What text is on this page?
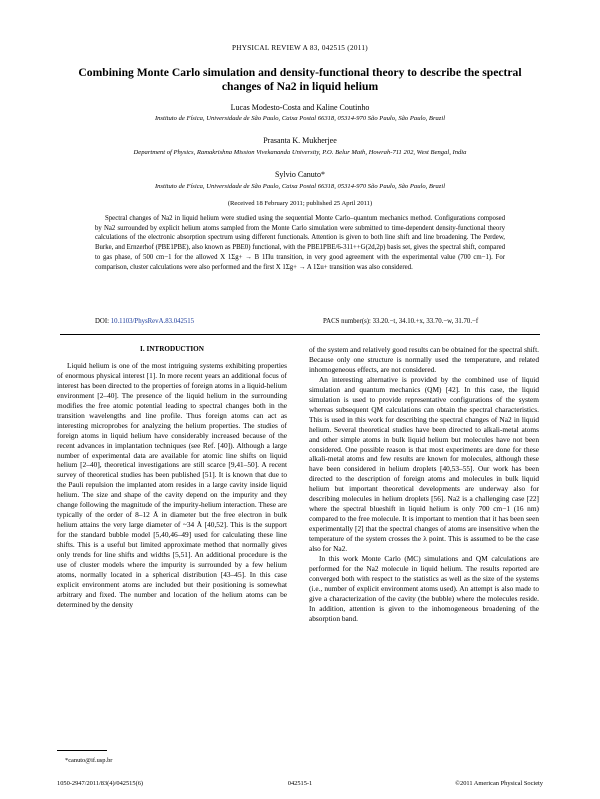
PHYSICAL REVIEW A 83, 042515 (2011)
Combining Monte Carlo simulation and density-functional theory to describe the spectral changes of Na2 in liquid helium
Lucas Modesto-Costa and Kaline Coutinho
Instituto de Física, Universidade de São Paulo, Caixa Postal 66318, 05314-970 São Paulo, São Paulo, Brazil
Prasanta K. Mukherjee
Department of Physics, Ramakrishna Mission Vivekananda University, P.O. Belur Math, Howrah-711 202, West Bengal, India
Sylvio Canuto*
Instituto de Física, Universidade de São Paulo, Caixa Postal 66318, 05314-970 São Paulo, São Paulo, Brazil
(Received 18 February 2011; published 25 April 2011)
Spectral changes of Na2 in liquid helium were studied using the sequential Monte Carlo–quantum mechanics method. Configurations composed by Na2 surrounded by explicit helium atoms sampled from the Monte Carlo simulation were submitted to time-dependent density-functional theory calculations of the electronic absorption spectrum using different functionals. Attention is given to both line shift and line broadening. The Perdew, Burke, and Ernzerhof (PBE1PBE), also known as PBE0) functional, with the PBE1PBE/6-311++G(2d,2p) basis set, gives the spectral shift, compared to gas phase, of 500 cm−1 for the allowed X 1Σg+ → B 1Πu transition, in very good agreement with the experimental value (700 cm−1). For comparison, cluster calculations were also performed and the first X 1Σg+ → A 1Σu+ transition was also considered.
DOI: 10.1103/PhysRevA.83.042515	PACS number(s): 33.20.−t, 34.10.+x, 33.70.−w, 31.70.−f
I. INTRODUCTION

Liquid helium is one of the most intriguing systems exhibiting properties of enormous physical interest [1]. In more recent years an additional focus of interest has been directed to the properties of foreign atoms in a liquid-helium environment [2–40]. The presence of the liquid helium in the surrounding modifies the free atomic potential leading to spectral changes both in the transition wavelengths and line profile. Thus foreign atoms can act as interesting microprobes for analyzing the helium properties. The studies of foreign atoms in liquid helium have considerably increased because of the recent advances in implantation techniques (see Ref. [40]). Although a large number of experimental data are available for atomic line shifts on liquid helium [2–40], theoretical investigations are still scarce [9,41–50]. A recent survey of theoretical studies has been published [51]. It is known that due to the Pauli repulsion the implanted atom resides in a large cavity inside liquid helium. The size and shape of the cavity depend on the impurity and they change following the magnitude of the impurity-helium interaction. These are typically of the order of 8–12 Å in diameter but the free electron in bulk helium attains the very large diameter of ~34 Å [40,52]. This is the support for the standard bubble model [5,40,46–49] used for calculating these line shifts. This is a useful but limited approximate method that normally gives only trends for line shifts and widths [5,51]. An additional procedure is the use of cluster models where the impurity is surrounded by a few helium atoms, normally located in a spherical distribution [43–45]. In this case explicit environment atoms are included but their positioning is somewhat arbitrary and fixed. The number and location of the helium atoms can be determined by the density

of the system and relatively good results can be obtained for the spectral shift. Because only one structure is normally used the temperature, and related inhomogeneous effects, are not considered.

An interesting alternative is provided by the combined use of liquid simulation and quantum mechanics (QM) [42]. In this case, the liquid simulation is used to provide representative configurations of the system whereas subsequent QM calculations can obtain the spectral characteristics. This is used in this work for describing the spectral changes of Na2 in liquid helium. Several theoretical studies have been directed to alkali-metal atoms and other simple atoms in bulk liquid helium but molecules have not been considered. One possible reason is that most experiments are done for these alkali-metal atoms and few results are known for molecules, although these have been considered in helium droplets [40,53–55]. Our work has been directed to the description of foreign atoms and molecules in bulk liquid helium but important theoretical developments are underway also for describing molecules in helium droplets [56]. Na2 is a challenging case [22] where the spectral blueshift in liquid helium is only 700 cm−1 (16 nm) compared to the free molecule. It is important to mention that it has been seen experimentally [2] that the spectral changes of atoms are insensitive when the temperature of the system crosses the λ point. This is assumed to be the case also for Na2.

In this work Monte Carlo (MC) simulations and QM calculations are performed for the Na2 molecule in liquid helium. The results reported are converged both with respect to the statistics as well as the size of the systems (i.e., number of explicit environment atoms used). An attempt is also made to give a characterization of the cavity (the bubble) where the molecules reside. In addition, attention is given to the inhomogeneous broadening of the absorption band.

*canuto@if.usp.br
1050-2947/2011/83(4)/042515(6)	042515-1	©2011 American Physical Society
